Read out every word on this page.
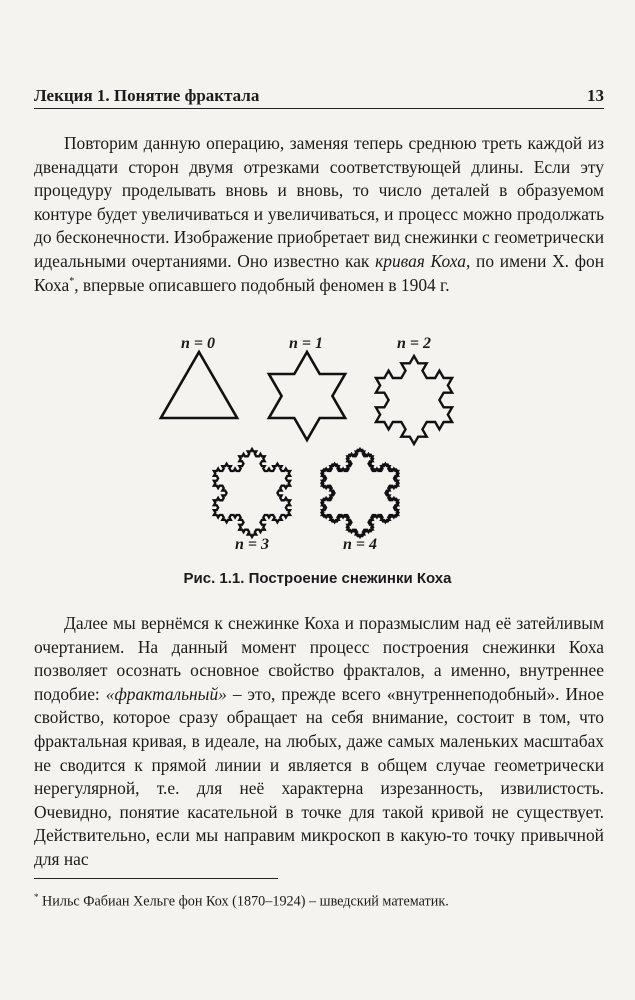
Лекция 1. Понятие фрактала	13

Повторим данную операцию, заменяя теперь среднюю треть каждой из двенадцати сторон двумя отрезками соответствующей длины. Если эту процедуру проделывать вновь и вновь, то число деталей в образуемом контуре будет увеличиваться и увеличиваться, и процесс можно продолжать до бесконечности. Изображение приобретает вид снежинки с геометрически идеальными очертаниями. Оно известно как кривая Коха, по имени Х. фон Коха*, впервые описавшего подобный феномен в 1904 г.

n = 0	n = 1	n = 2
n = 3	n = 4
Рис. 1.1. Построение снежинки Коха

Далее мы вернёмся к снежинке Коха и поразмыслим над её затейливым очертанием. На данный момент процесс построения снежинки Коха позволяет осознать основное свойство фракталов, а именно, внутреннее подобие: «фрактальный» – это, прежде всего «внутреннеподобный». Иное свойство, которое сразу обращает на себя внимание, состоит в том, что фрактальная кривая, в идеале, на любых, даже самых маленьких масштабах не сводится к прямой линии и является в общем случае геометрически нерегулярной, т.е. для неё характерна изрезанность, извилистость. Очевидно, понятие касательной в точке для такой кривой не существует. Действительно, если мы направим микроскоп в какую-то точку привычной для нас

* Нильс Фабиан Хельге фон Кох (1870–1924) – шведский математик.
